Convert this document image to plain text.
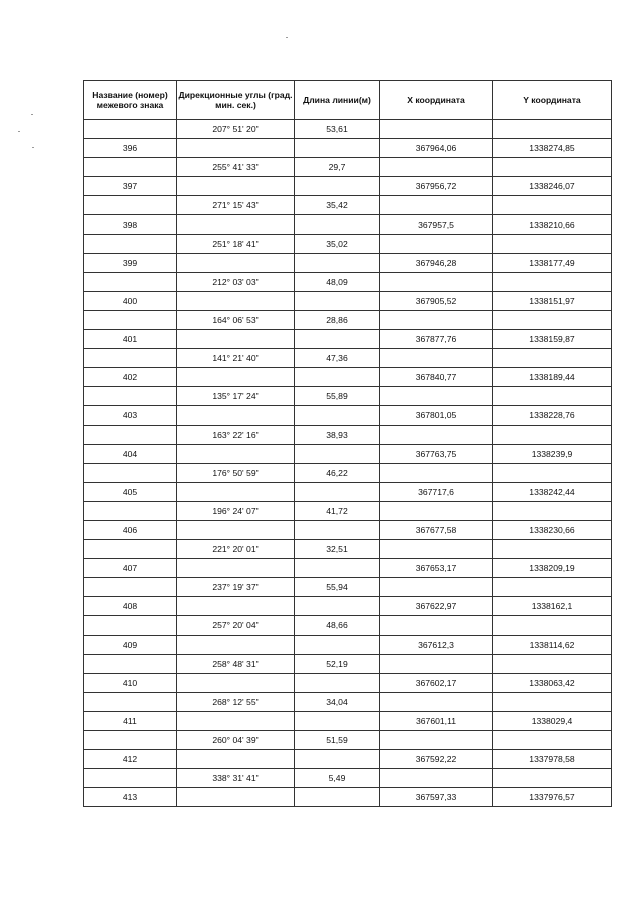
Название (номер) межевого знака	Дирекционные углы (град. мин. сек.)	Длина линии(м)	X координата	Y координата
	207° 51' 20"	53,61		
396			367964,06	1338274,85
	255° 41' 33"	29,7		
397			367956,72	1338246,07
	271° 15' 43"	35,42		
398			367957,5	1338210,66
	251° 18' 41"	35,02		
399			367946,28	1338177,49
	212° 03' 03"	48,09		
400			367905,52	1338151,97
	164° 06' 53"	28,86		
401			367877,76	1338159,87
	141° 21' 40"	47,36		
402			367840,77	1338189,44
	135° 17' 24"	55,89		
403			367801,05	1338228,76
	163° 22' 16"	38,93		
404			367763,75	1338239,9
	176° 50' 59"	46,22		
405			367717,6	1338242,44
	196° 24' 07"	41,72		
406			367677,58	1338230,66
	221° 20' 01"	32,51		
407			367653,17	1338209,19
	237° 19' 37"	55,94		
408			367622,97	1338162,1
	257° 20' 04"	48,66		
409			367612,3	1338114,62
	258° 48' 31"	52,19		
410			367602,17	1338063,42
	268° 12' 55"	34,04		
411			367601,11	1338029,4
	260° 04' 39"	51,59		
412			367592,22	1337978,58
	338° 31' 41"	5,49		
413			367597,33	1337976,57
